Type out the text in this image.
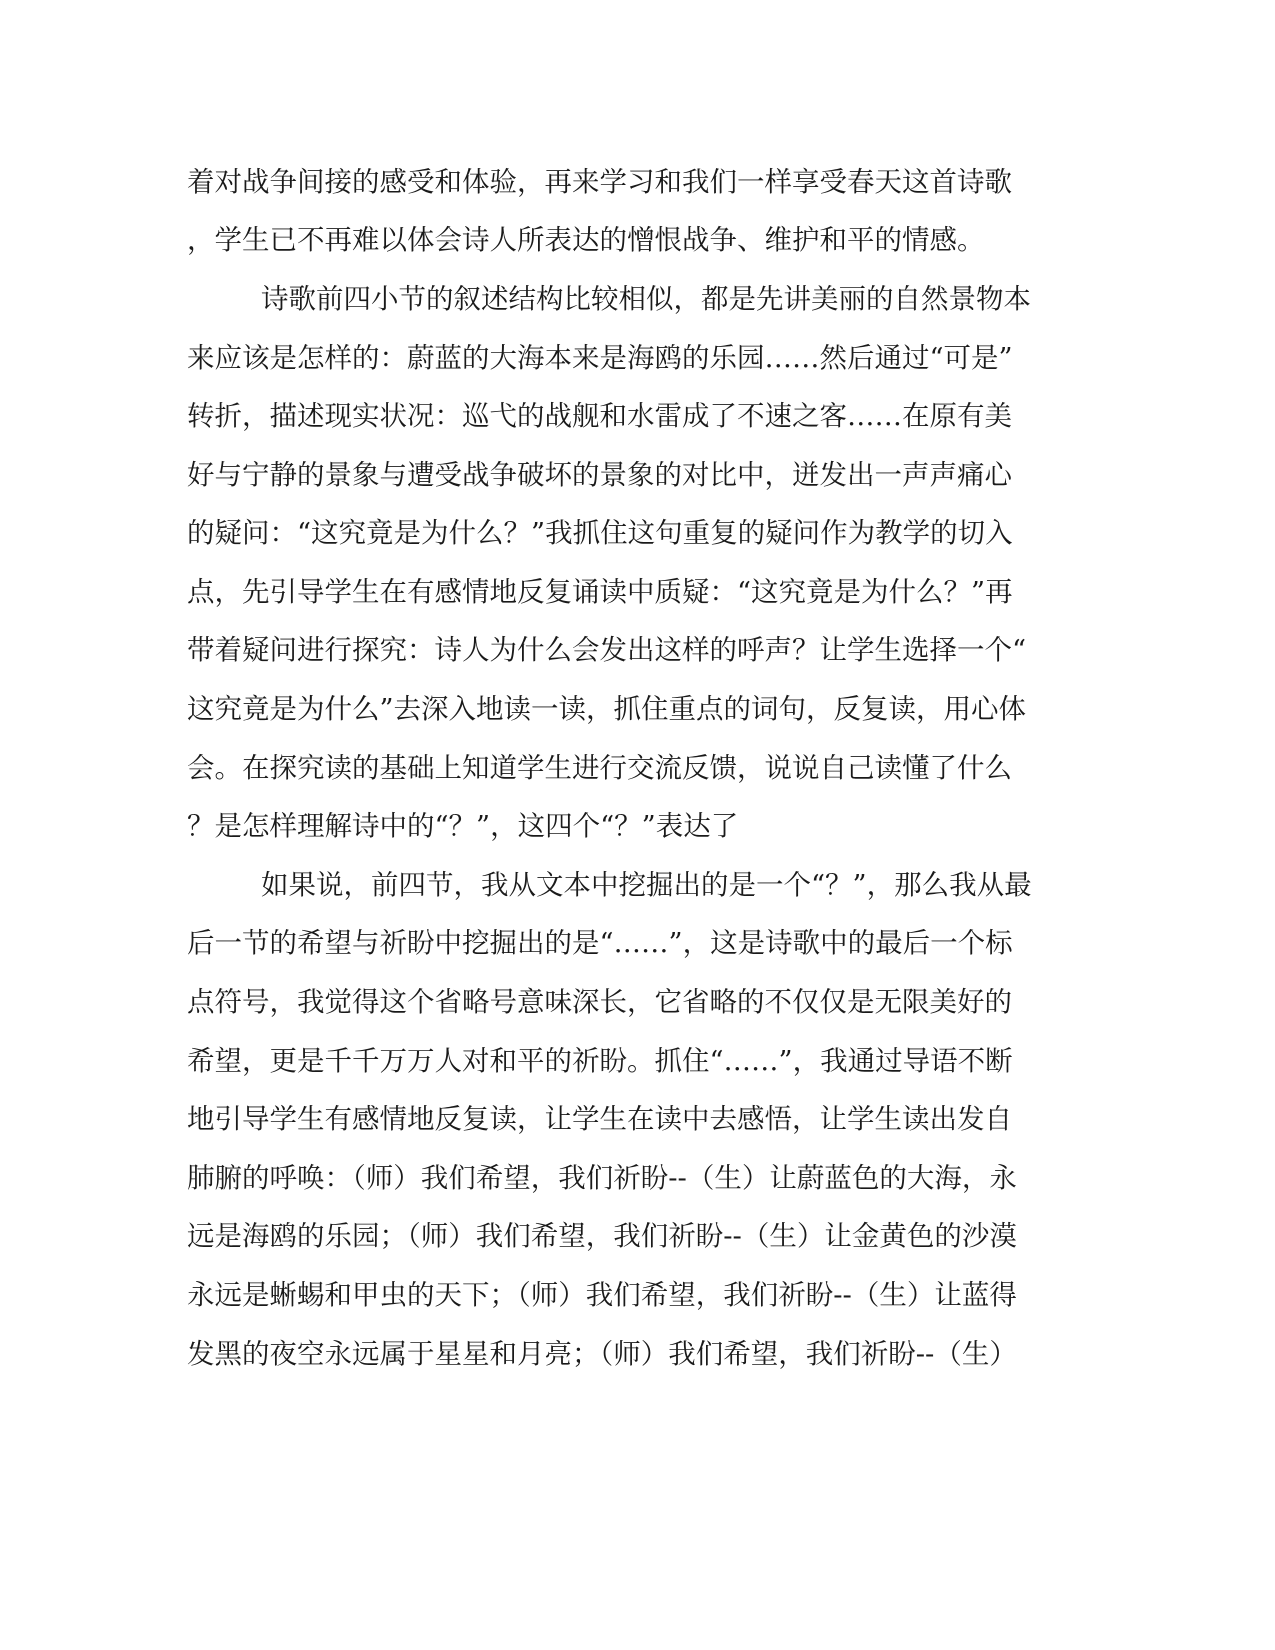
着对战争间接的感受和体验，再来学习和我们一样享受春天这首诗歌
，学生已不再难以体会诗人所表达的憎恨战争、维护和平的情感。
诗歌前四小节的叙述结构比较相似，都是先讲美丽的自然景物本
来应该是怎样的：蔚蓝的大海本来是海鸥的乐园……然后通过“可是”
转折，描述现实状况：巡弋的战舰和水雷成了不速之客……在原有美
好与宁静的景象与遭受战争破坏的景象的对比中，迸发出一声声痛心
的疑问：“这究竟是为什么？”我抓住这句重复的疑问作为教学的切入
点，先引导学生在有感情地反复诵读中质疑：“这究竟是为什么？”再
带着疑问进行探究：诗人为什么会发出这样的呼声？让学生选择一个“
这究竟是为什么”去深入地读一读，抓住重点的词句，反复读，用心体
会。在探究读的基础上知道学生进行交流反馈，说说自己读懂了什么
？是怎样理解诗中的“？”，这四个“？”表达了
如果说，前四节，我从文本中挖掘出的是一个“？”，那么我从最
后一节的希望与祈盼中挖掘出的是“……”，这是诗歌中的最后一个标
点符号，我觉得这个省略号意味深长，它省略的不仅仅是无限美好的
希望，更是千千万万人对和平的祈盼。抓住“……”，我通过导语不断
地引导学生有感情地反复读，让学生在读中去感悟，让学生读出发自
肺腑的呼唤：（师）我们希望，我们祈盼--（生）让蔚蓝色的大海，永
远是海鸥的乐园；（师）我们希望，我们祈盼--（生）让金黄色的沙漠
永远是蜥蜴和甲虫的天下；（师）我们希望，我们祈盼--（生）让蓝得
发黑的夜空永远属于星星和月亮；（师）我们希望，我们祈盼--（生）
